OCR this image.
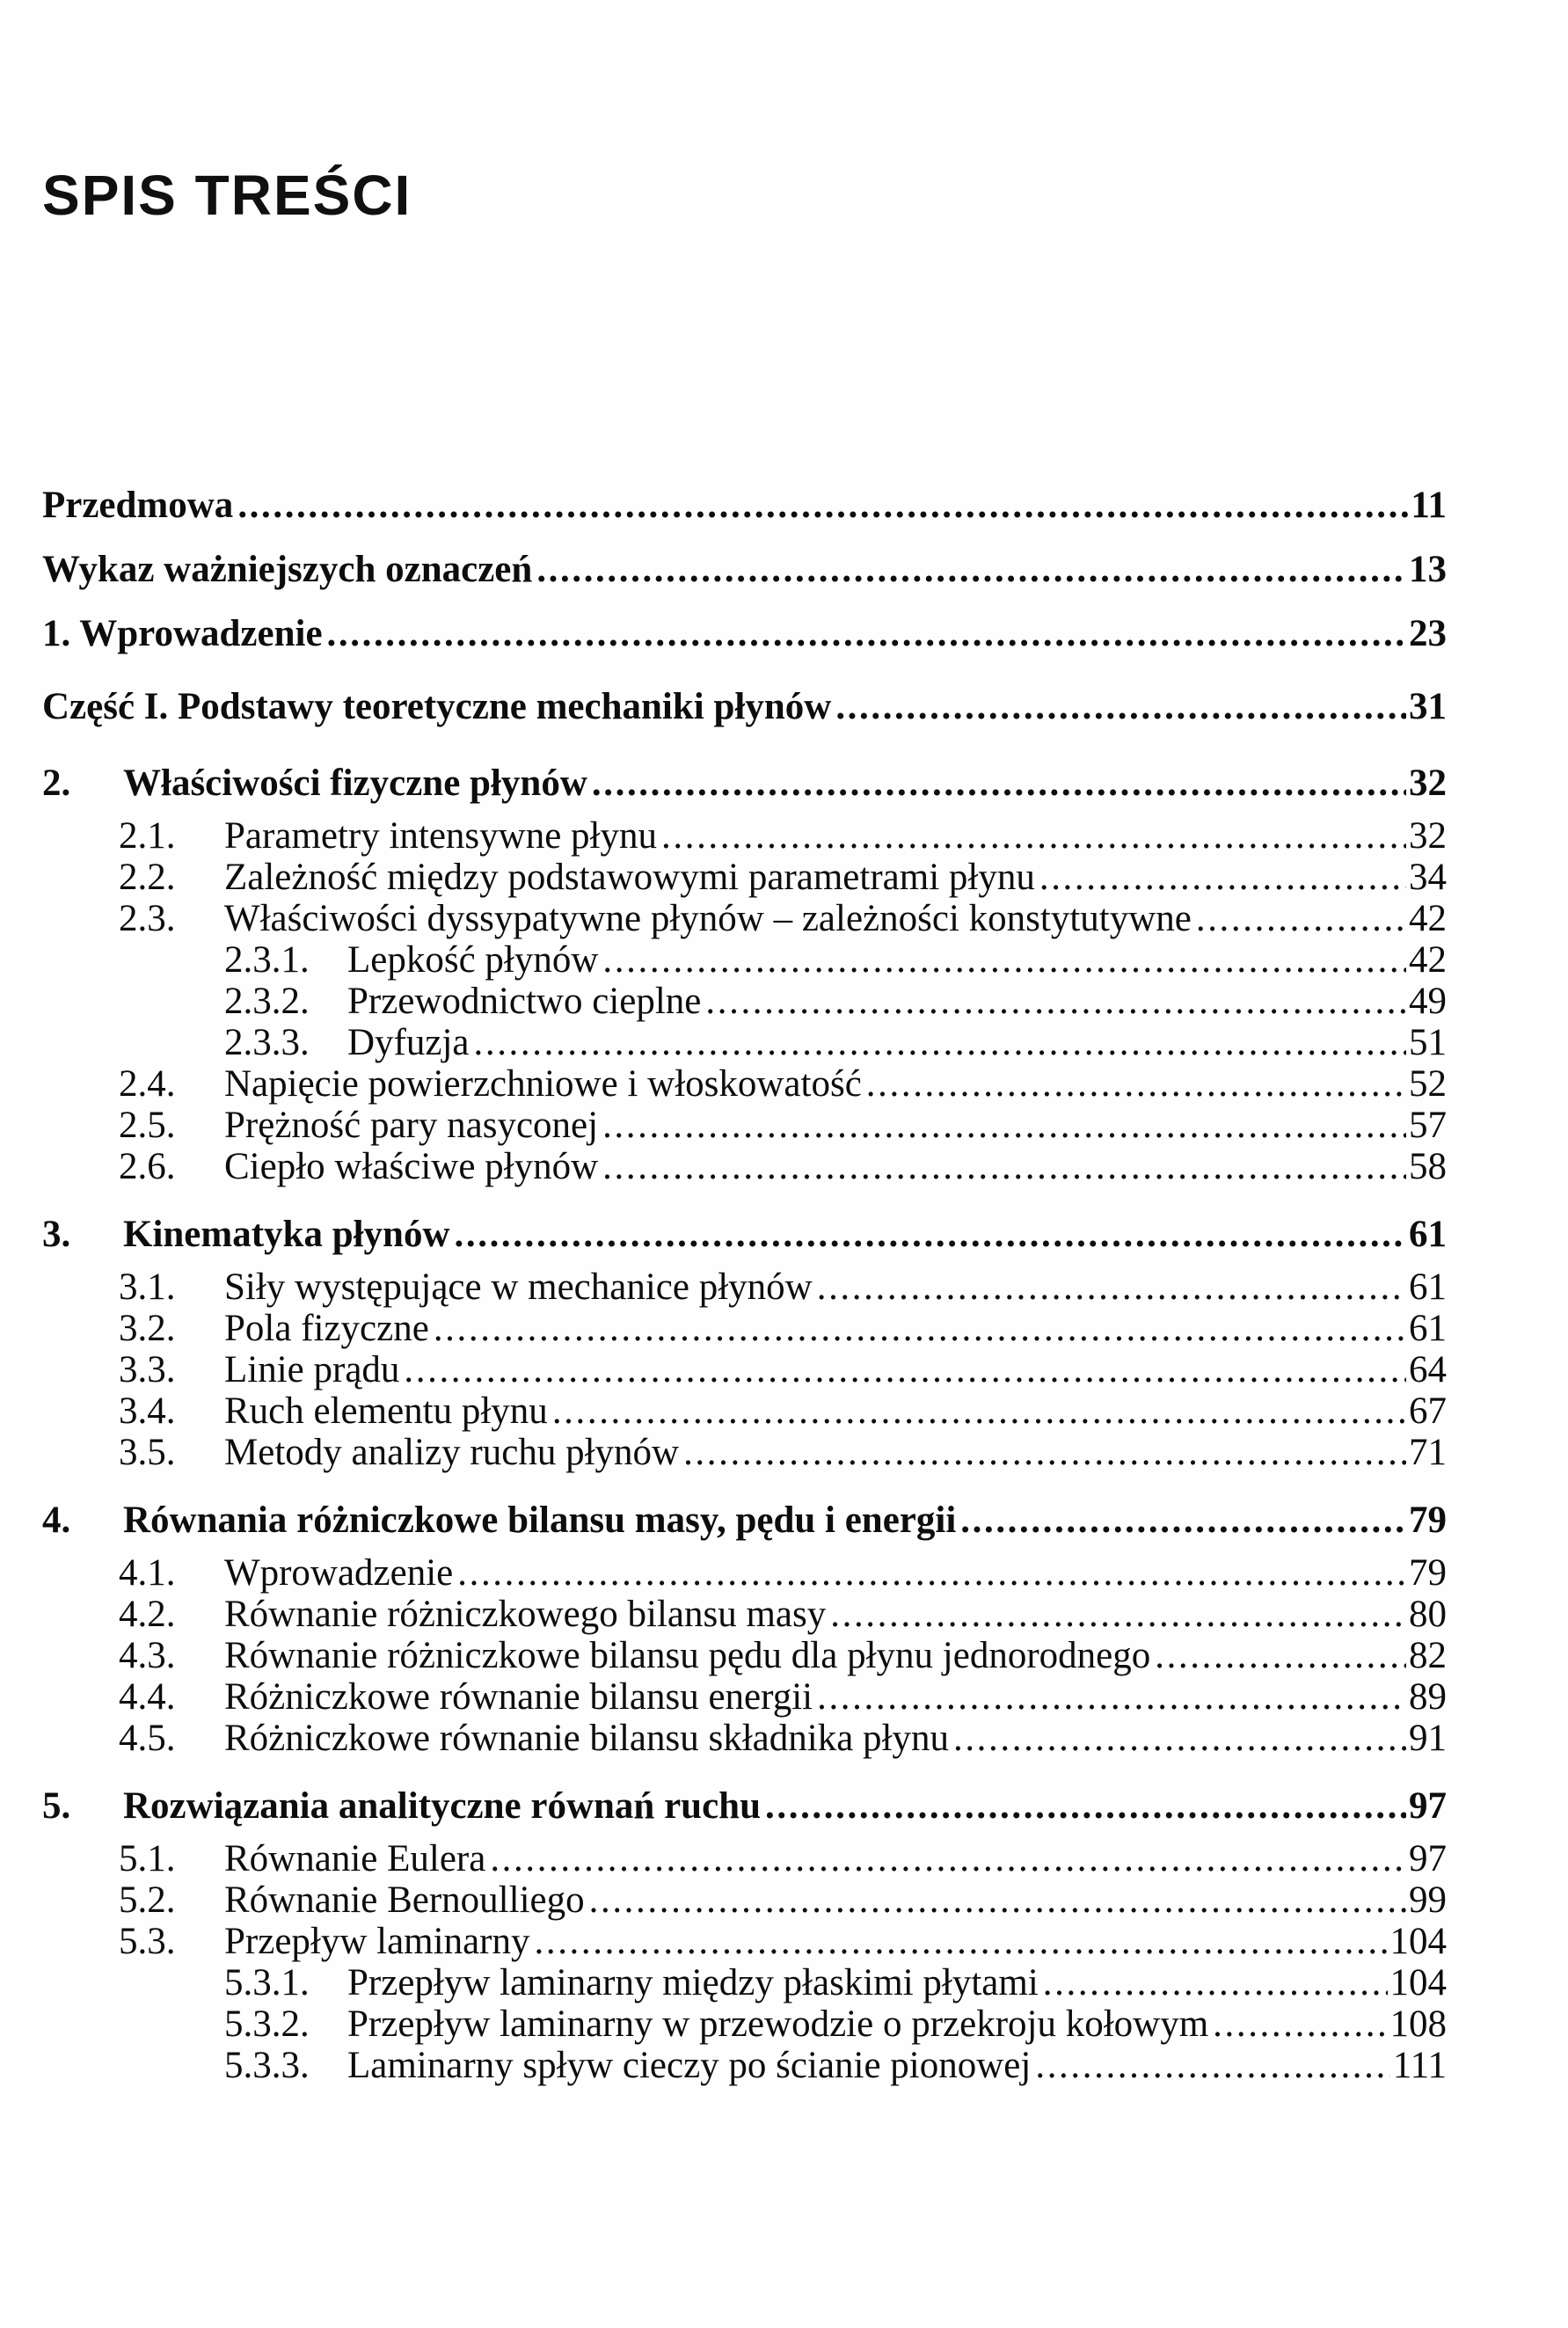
SPIS TREŚCI
Przedmowa .....	11
Wykaz ważniejszych oznaczeń .....	13
1. Wprowadzenie .....	23
Część I. Podstawy teoretyczne mechaniki płynów .....	31
2.	Właściwości fizyczne płynów .....	32
2.1.	Parametry intensywne płynu .....	32
2.2.	Zależność między podstawowymi parametrami płynu .....	34
2.3.	Właściwości dyssypatywne płynów – zależności konstytutywne .....	42
2.3.1.	Lepkość płynów .....	42
2.3.2.	Przewodnictwo cieplne .....	49
2.3.3.	Dyfuzja .....	51
2.4.	Napięcie powierzchniowe i włoskowatość .....	52
2.5.	Prężność pary nasyconej .....	57
2.6.	Ciepło właściwe płynów .....	58
3.	Kinematyka płynów .....	61
3.1.	Siły występujące w mechanice płynów .....	61
3.2.	Pola fizyczne .....	61
3.3.	Linie prądu .....	64
3.4.	Ruch elementu płynu .....	67
3.5.	Metody analizy ruchu płynów .....	71
4.	Równania różniczkowe bilansu masy, pędu i energii .....	79
4.1.	Wprowadzenie .....	79
4.2.	Równanie różniczkowego bilansu masy .....	80
4.3.	Równanie różniczkowe bilansu pędu dla płynu jednorodnego .....	82
4.4.	Różniczkowe równanie bilansu energii .....	89
4.5.	Różniczkowe równanie bilansu składnika płynu .....	91
5.	Rozwiązania analityczne równań ruchu .....	97
5.1.	Równanie Eulera .....	97
5.2.	Równanie Bernoulliego .....	99
5.3.	Przepływ laminarny .....	104
5.3.1.	Przepływ laminarny między płaskimi płytami .....	104
5.3.2.	Przepływ laminarny w przewodzie o przekroju kołowym .....	108
5.3.3.	Laminarny spływ cieczy po ścianie pionowej .....	111
